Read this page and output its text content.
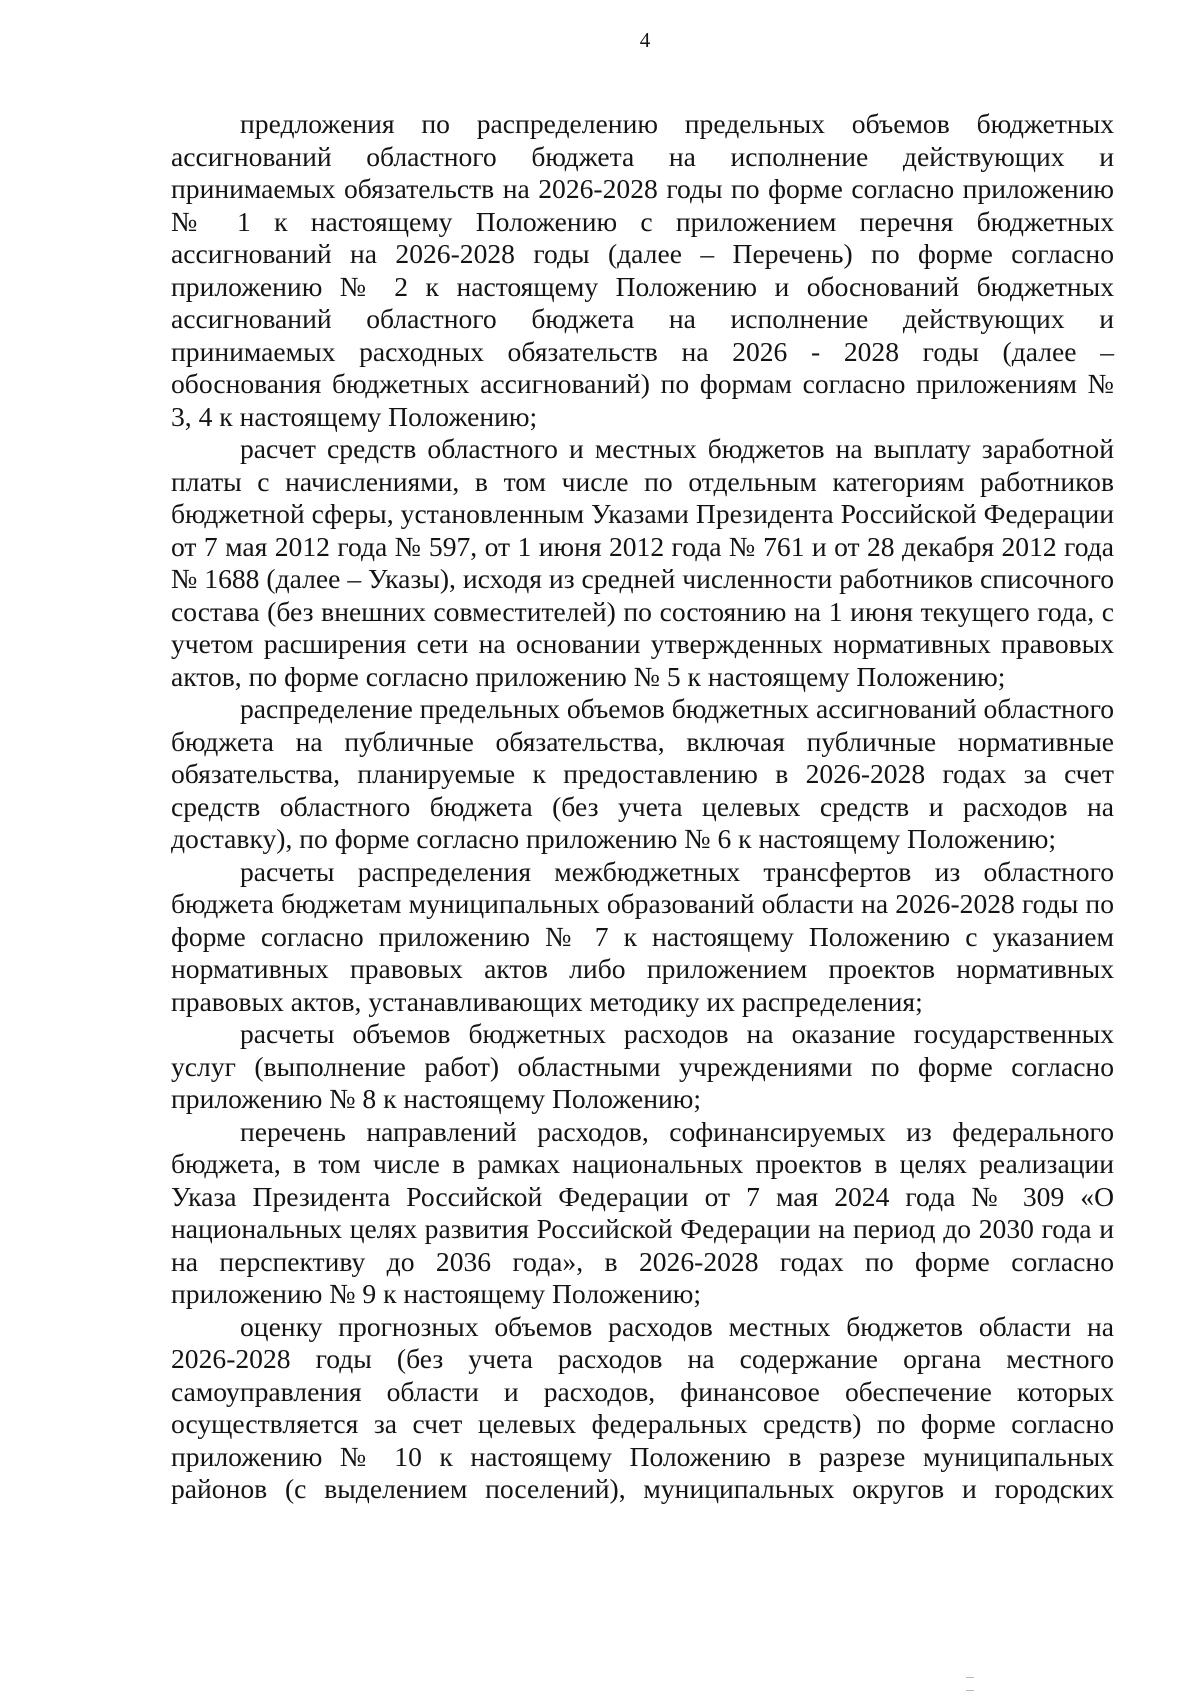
4

предложения по распределению предельных объемов бюджетных ассигнований областного бюджета на исполнение действующих и принимаемых обязательств на 2026-2028 годы по форме согласно приложению № 1 к настоящему Положению с приложением перечня бюджетных ассигнований на 2026-2028 годы (далее – Перечень) по форме согласно приложению № 2 к настоящему Положению и обоснований бюджетных ассигнований областного бюджета на исполнение действующих и принимаемых расходных обязательств на 2026 - 2028 годы (далее – обоснования бюджетных ассигнований) по формам согласно приложениям № 3, 4 к настоящему Положению;

расчет средств областного и местных бюджетов на выплату заработной платы с начислениями, в том числе по отдельным категориям работников бюджетной сферы, установленным Указами Президента Российской Федерации от 7 мая 2012 года № 597, от 1 июня 2012 года № 761 и от 28 декабря 2012 года № 1688 (далее – Указы), исходя из средней численности работников списочного состава (без внешних совместителей) по состоянию на 1 июня текущего года, с учетом расширения сети на основании утвержденных нормативных правовых актов, по форме согласно приложению № 5 к настоящему Положению;

распределение предельных объемов бюджетных ассигнований областного бюджета на публичные обязательства, включая публичные нормативные обязательства, планируемые к предоставлению в 2026-2028 годах за счет средств областного бюджета (без учета целевых средств и расходов на доставку), по форме согласно приложению № 6 к настоящему Положению;

расчеты распределения межбюджетных трансфертов из областного бюджета бюджетам муниципальных образований области на 2026-2028 годы по форме согласно приложению № 7 к настоящему Положению с указанием нормативных правовых актов либо приложением проектов нормативных правовых актов, устанавливающих методику их распределения;

расчеты объемов бюджетных расходов на оказание государственных услуг (выполнение работ) областными учреждениями по форме согласно приложению № 8 к настоящему Положению;

перечень направлений расходов, софинансируемых из федерального бюджета, в том числе в рамках национальных проектов в целях реализации Указа Президента Российской Федерации от 7 мая 2024 года № 309 «О национальных целях развития Российской Федерации на период до 2030 года и на перспективу до 2036 года», в 2026-2028 годах по форме согласно приложению № 9 к настоящему Положению;

оценку прогнозных объемов расходов местных бюджетов области на 2026-2028 годы (без учета расходов на содержание органа местного самоуправления области и расходов, финансовое обеспечение которых осуществляется за счет целевых федеральных средств) по форме согласно приложению № 10 к настоящему Положению в разрезе муниципальных районов (с выделением поселений), муниципальных округов и городских
